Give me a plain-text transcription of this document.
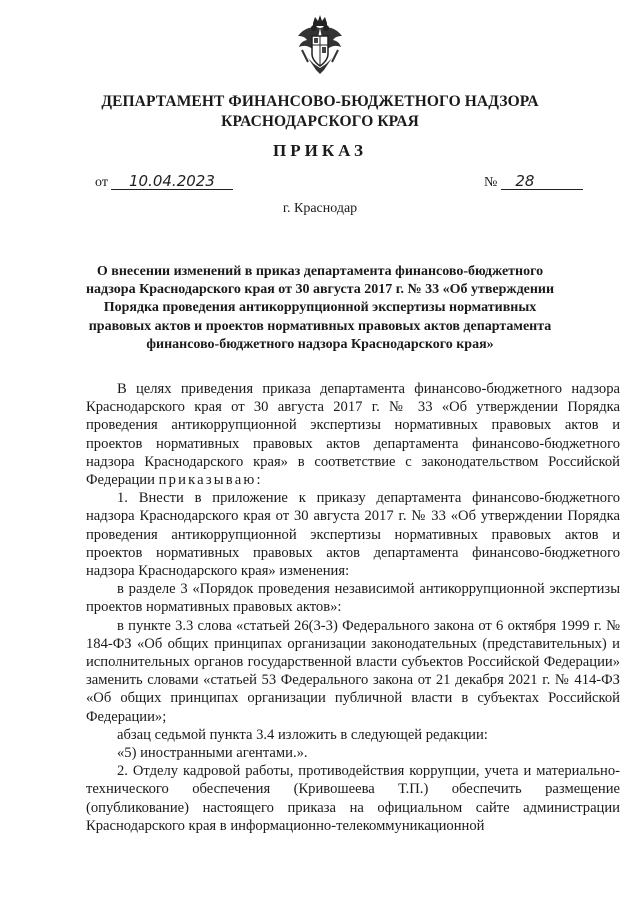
ДЕПАРТАМЕНТ ФИНАНСОВО-БЮДЖЕТНОГО НАДЗОРА
КРАСНОДАРСКОГО КРАЯ
ПРИКАЗ
от 10.04.2023	№ 28
г. Краснодар
О внесении изменений в приказ департамента финансово-бюджетного надзора Краснодарского края от 30 августа 2017 г. № 33 «Об утверждении Порядка проведения антикоррупционной экспертизы нормативных правовых актов и проектов нормативных правовых актов департамента финансово-бюджетного надзора Краснодарского края»

В целях приведения приказа департамента финансово-бюджетного надзора Краснодарского края от 30 августа 2017 г. № 33 «Об утверждении Порядка проведения антикоррупционной экспертизы нормативных правовых актов и проектов нормативных правовых актов департамента финансово-бюджетного надзора Краснодарского края» в соответствие с законодательством Российской Федерации приказываю:

1. Внести в приложение к приказу департамента финансово-бюджетного надзора Краснодарского края от 30 августа 2017 г. № 33 «Об утверждении Порядка проведения антикоррупционной экспертизы нормативных правовых актов и проектов нормативных правовых актов департамента финансово-бюджетного надзора Краснодарского края» изменения:

в разделе 3 «Порядок проведения независимой антикоррупционной экспертизы проектов нормативных правовых актов»:

в пункте 3.3 слова «статьей 26(3-3) Федерального закона от 6 октября 1999 г. № 184-ФЗ «Об общих принципах организации законодательных (представительных) и исполнительных органов государственной власти субъектов Российской Федерации» заменить словами «статьей 53 Федерального закона от 21 декабря 2021 г. № 414-ФЗ «Об общих принципах организации публичной власти в субъектах Российской Федерации»;

абзац седьмой пункта 3.4 изложить в следующей редакции:

«5) иностранными агентами.».

2. Отделу кадровой работы, противодействия коррупции, учета и материально-технического обеспечения (Кривошеева Т.П.) обеспечить размещение (опубликование) настоящего приказа на официальном сайте администрации Краснодарского края в информационно-телекоммуникационной
